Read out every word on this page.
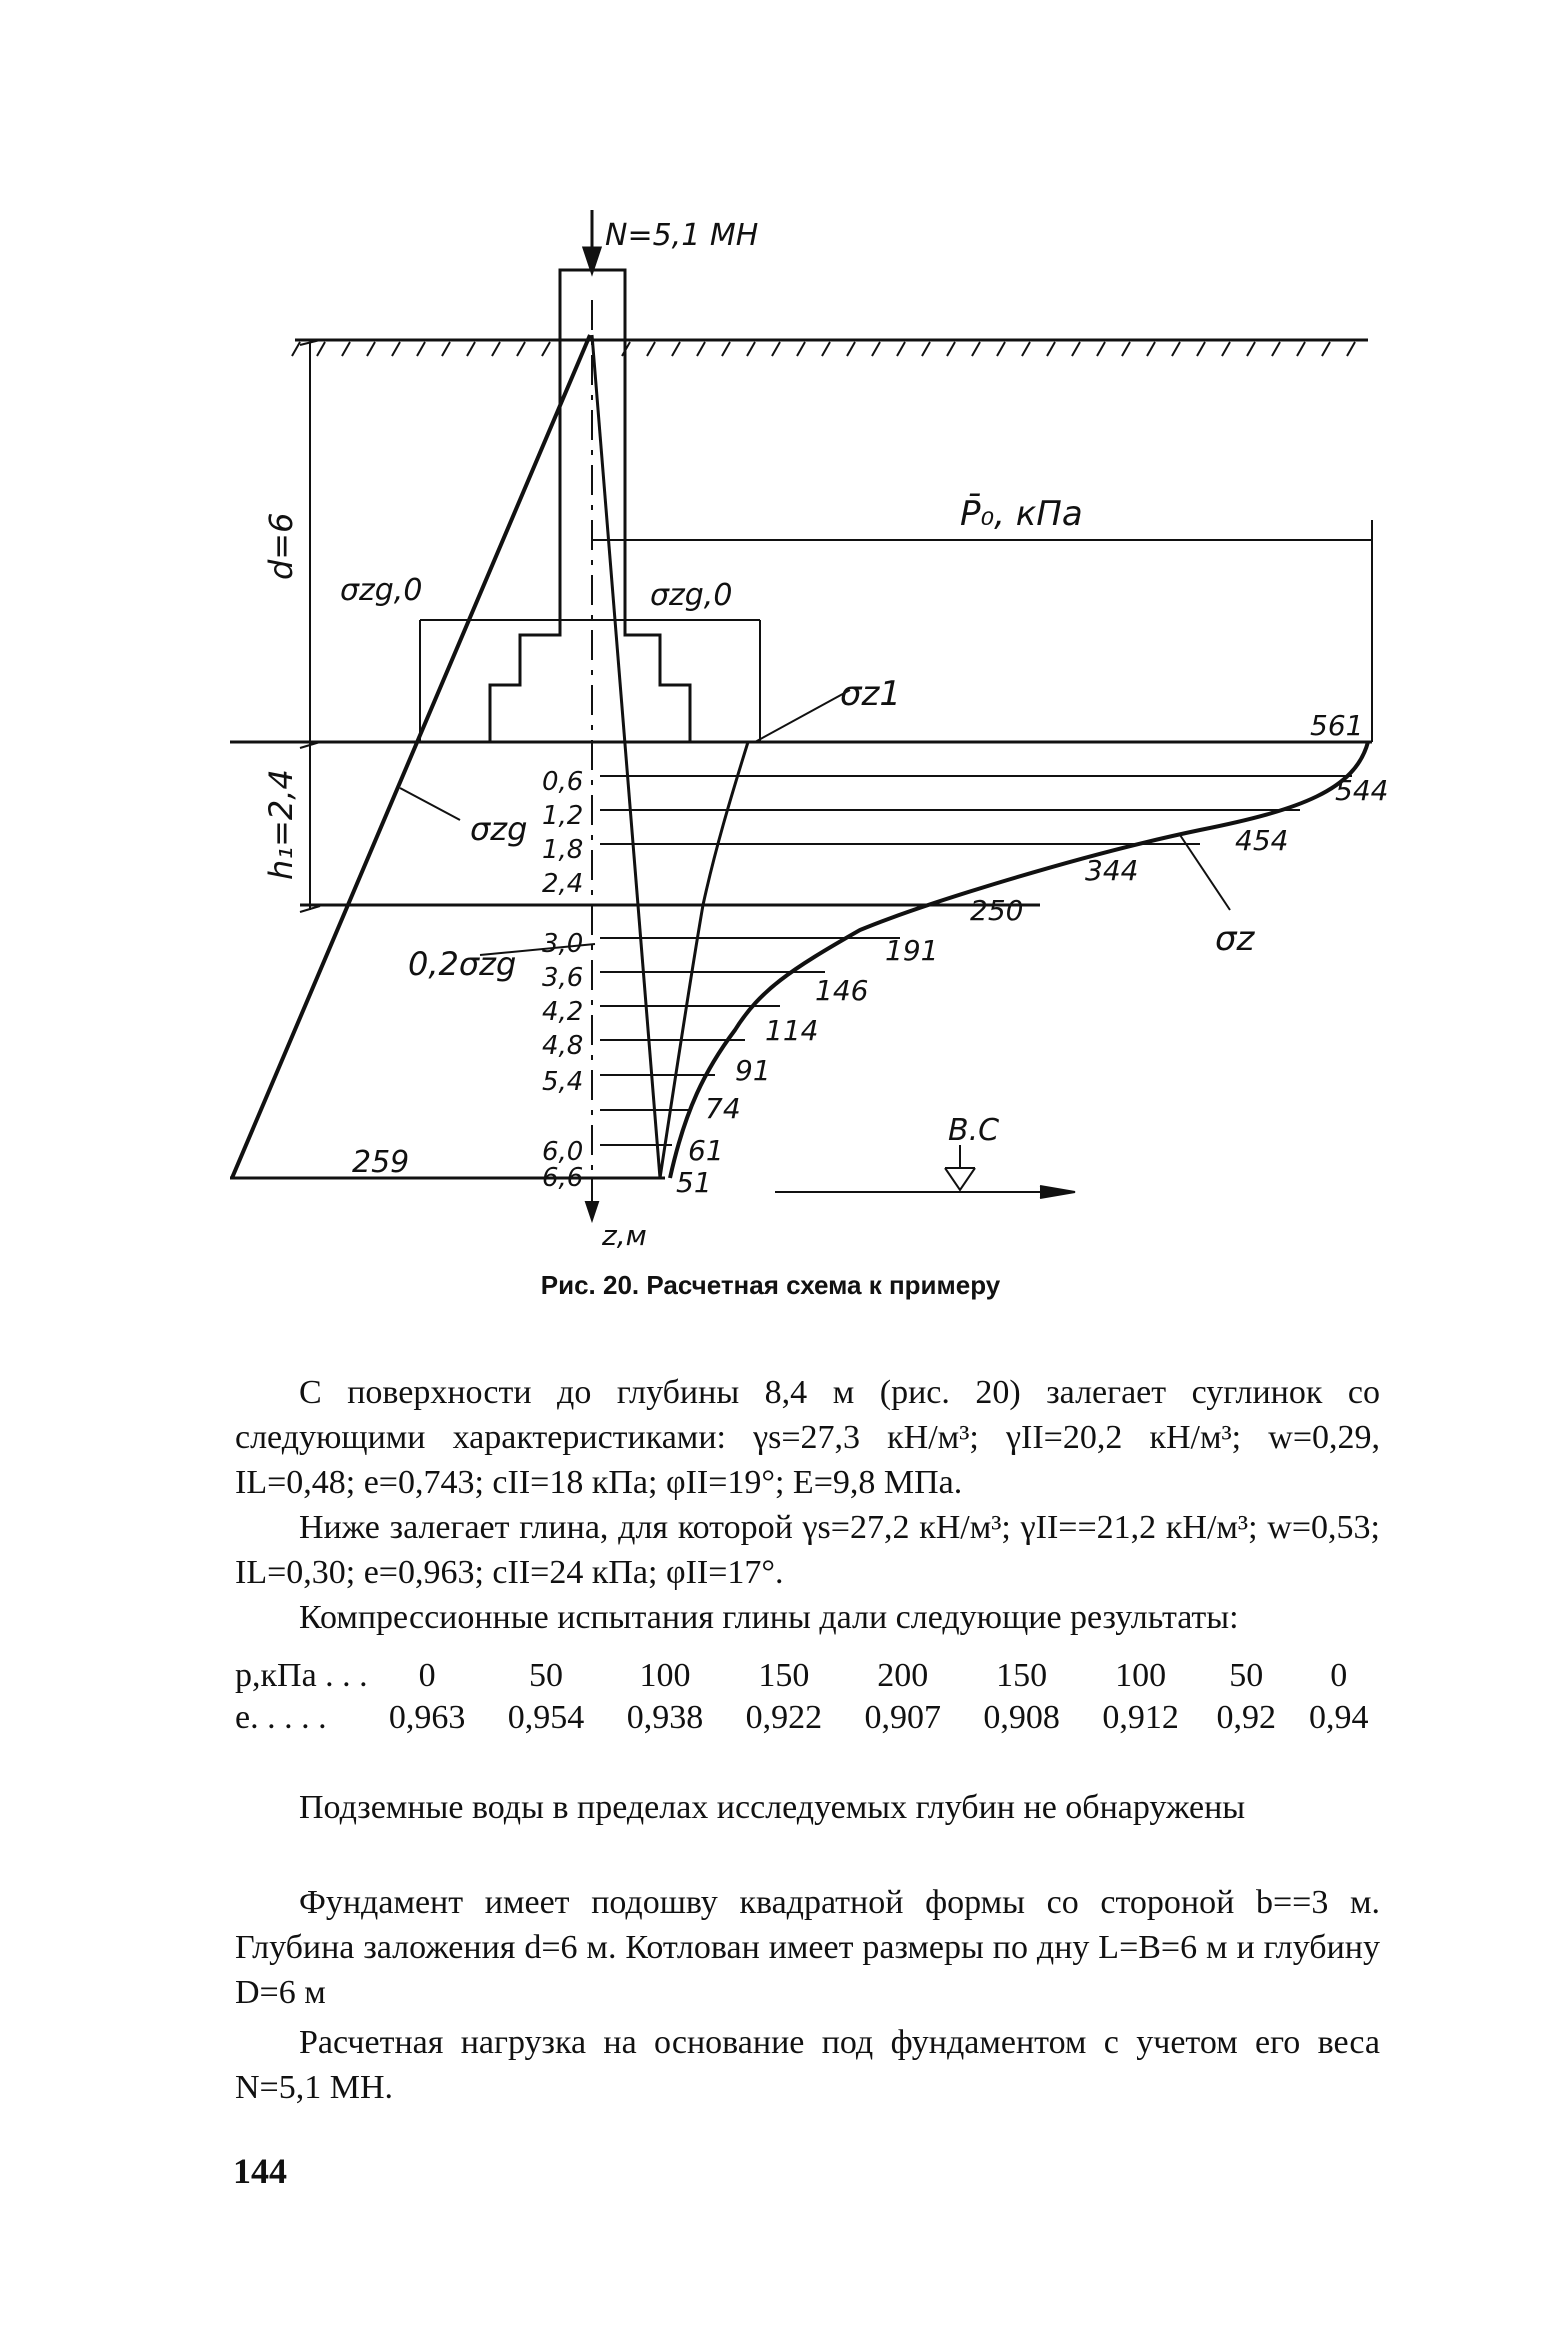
N=5,1 МН
d=6
h₁=2,4
P̄₀, кПа
σzg,0	σzg,0
σz1
σzg
0,2σzg
σz
0,6
1,2
1,8
2,4
3,0
3,6
4,2
4,8
5,4
6,0
6,6
561
544
454
344
250
191
146
114
91
74
61
51
259
z,м
В.С
Рис. 20. Расчетная схема к примеру

С поверхности до глубины 8,4 м (рис. 20) залегает суглинок со следующими характеристиками: γs=27,3 кН/м³; γII=20,2 кН/м³; w=0,29, IL=0,48; e=0,743; cII=18 кПа; φII=19°; E=9,8 МПа.

Ниже залегает глина, для которой γs=27,2 кН/м³; γII==21,2 кН/м³; w=0,53; IL=0,30; e=0,963; cII=24 кПа; φII=17°.

Компрессионные испытания глины дали следующие результаты:

р,кПа . . .	0	50	100	150	200	150	100	50	0
е. . . . .	0,963	0,954	0,938	0,922	0,907	0,908	0,912	0,92	0,94

Подземные воды в пределах исследуемых глубин не обнаружены

Фундамент имеет подошву квадратной формы со стороной b==3 м. Глубина заложения d=6 м. Котлован имеет размеры по дну L=B=6 м и глубину D=6 м

Расчетная нагрузка на основание под фундаментом с учетом его веса N=5,1 МН.

144
